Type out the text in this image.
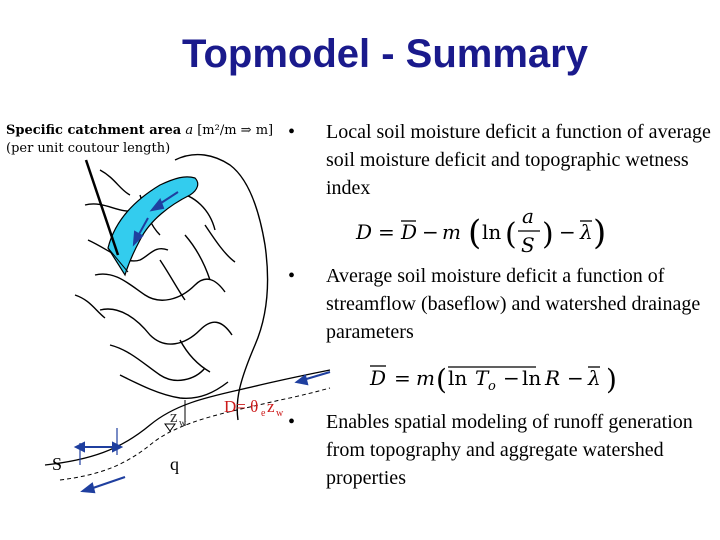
Topmodel - Summary
Specific catchment area a [m²/m ⇒ m]
(per unit coutour length)
S
z w
q
D= θ e z w
D = D − m ( ln (
a
S ) − λ )
D = m ( ln T o − ln R − λ )
• Local soil moisture deficit a function of average soil moisture deficit and topographic wetness index
• Average soil moisture deficit a function of streamflow (baseflow) and watershed drainage parameters
• Enables spatial modeling of runoff generation from topography and aggregate watershed properties
